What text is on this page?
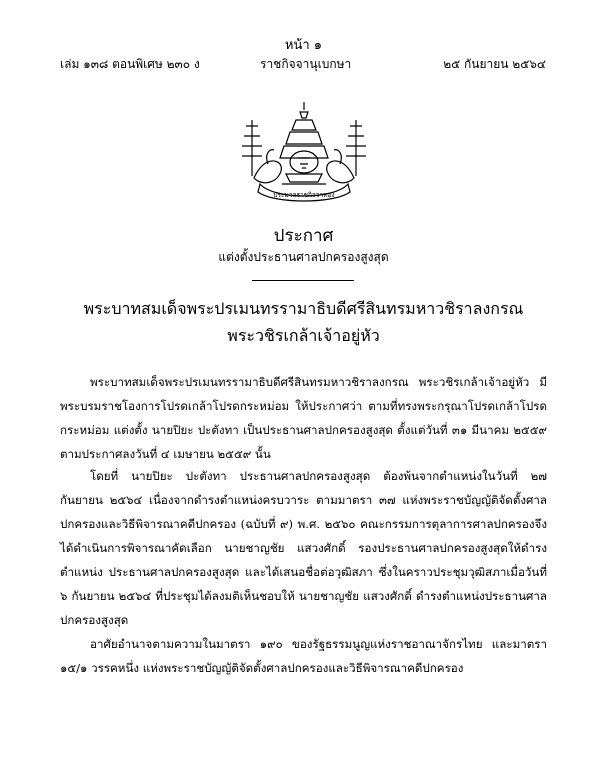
หน้า ๑
เล่ม ๑๓๘ ตอนพิเศษ ๒๓๐ ง	ราชกิจจานุเบกษา	๒๕ กันยายน ๒๕๖๔
ประมวลราชกิจจาทอง
ประกาศ
แต่งตั้งประธานศาลปกครองสูงสุด
พระบาทสมเด็จพระปรเมนทรรามาธิบดีศรีสินทรมหาวชิราลงกรณ
พระวชิรเกล้าเจ้าอยู่หัว
พระบาทสมเด็จพระปรเมนทรรามาธิบดีศรีสินทรมหาวชิราลงกรณ พระวชิรเกล้าเจ้าอยู่หัว มีพระบรมราชโองการโปรดเกล้าโปรดกระหม่อม ให้ประกาศว่า ตามที่ทรงพระกรุณาโปรดเกล้าโปรดกระหม่อม แต่งตั้ง นายปิยะ ปะตังทา เป็นประธานศาลปกครองสูงสุด ตั้งแต่วันที่ ๓๑ มีนาคม ๒๕๕๙ ตามประกาศลงวันที่ ๔ เมษายน ๒๕๕๙ นั้น
โดยที่ นายปิยะ ปะตังทา ประธานศาลปกครองสูงสุด ต้องพ้นจากตำแหน่งในวันที่ ๒๗ กันยายน ๒๕๖๔ เนื่องจากดำรงตำแหน่งครบวาระ ตามมาตรา ๓๗ แห่งพระราชบัญญัติจัดตั้งศาลปกครองและวิธีพิจารณาคดีปกครอง (ฉบับที่ ๙) พ.ศ. ๒๕๖๐ คณะกรรมการตุลาการศาลปกครองจึงได้ดำเนินการพิจารณาคัดเลือก นายชาญชัย แสวงศักดิ์ รองประธานศาลปกครองสูงสุดให้ดำรงตำแหน่ง ประธานศาลปกครองสูงสุด และได้เสนอชื่อต่อวุฒิสภา ซึ่งในคราวประชุมวุฒิสภาเมื่อวันที่ ๖ กันยายน ๒๕๖๔ ที่ประชุมได้ลงมติเห็นชอบให้ นายชาญชัย แสวงศักดิ์ ดำรงตำแหน่งประธานศาลปกครองสูงสุด
อาศัยอำนาจตามความในมาตรา ๑๙๐ ของรัฐธรรมนูญแห่งราชอาณาจักรไทย และมาตรา ๑๕/๑ วรรคหนึ่ง แห่งพระราชบัญญัติจัดตั้งศาลปกครองและวิธีพิจารณาคดีปกครอง
